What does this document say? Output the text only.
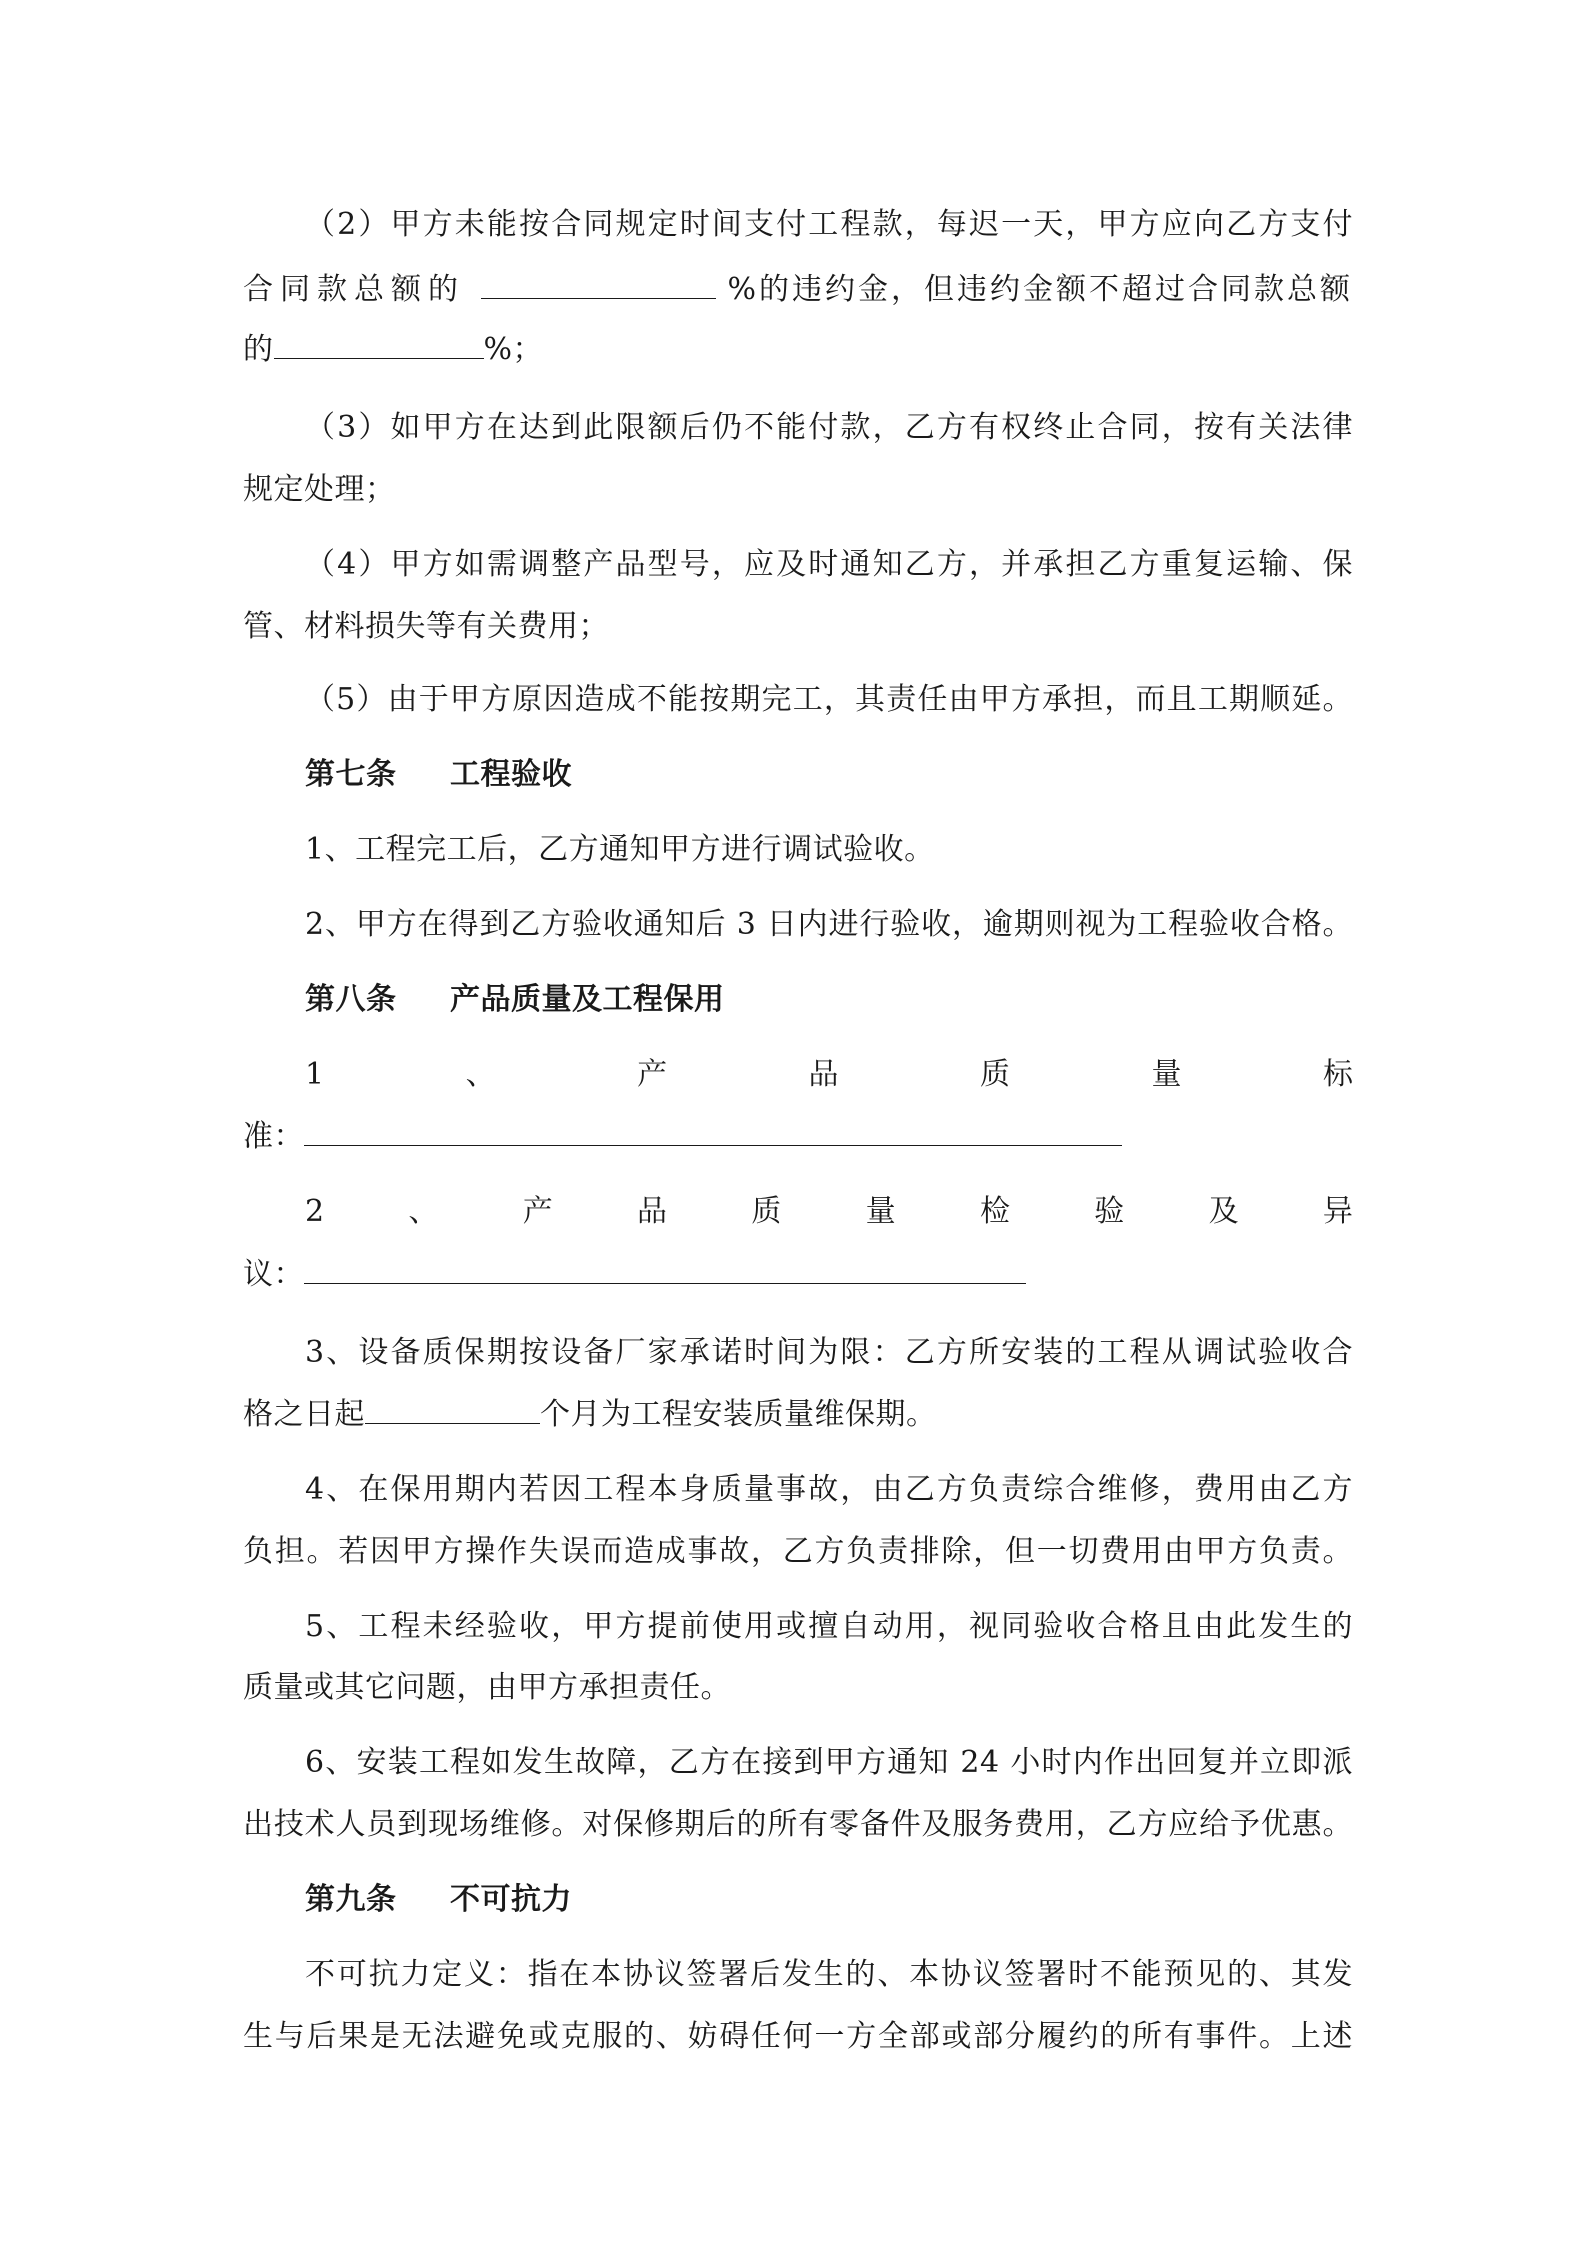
（2）甲方未能按合同规定时间支付工程款，每迟一天，甲方应向乙方支付
合同款总额的	%的违约金，但违约金额不超过合同款总额
的	%；
（3）如甲方在达到此限额后仍不能付款，乙方有权终止合同，按有关法律
规定处理；
（4）甲方如需调整产品型号，应及时通知乙方，并承担乙方重复运输、保
管、材料损失等有关费用；
（5）由于甲方原因造成不能按期完工，其责任由甲方承担，而且工期顺延。
第七条 工程验收
1、工程完工后，乙方通知甲方进行调试验收。
2、甲方在得到乙方验收通知后 3 日内进行验收，逾期则视为工程验收合格。
第八条 产品质量及工程保用
1	、	产	品	质	量	标
准：
2	、	产	品	质	量	检	验	及	异
议：
3、设备质保期按设备厂家承诺时间为限：乙方所安装的工程从调试验收合
格之日起	个月为工程安装质量维保期。
4、在保用期内若因工程本身质量事故，由乙方负责综合维修，费用由乙方
负担。若因甲方操作失误而造成事故，乙方负责排除，但一切费用由甲方负责。
5、工程未经验收，甲方提前使用或擅自动用，视同验收合格且由此发生的
质量或其它问题，由甲方承担责任。
6、安装工程如发生故障，乙方在接到甲方通知 24 小时内作出回复并立即派
出技术人员到现场维修。对保修期后的所有零备件及服务费用，乙方应给予优惠。
第九条 不可抗力
不可抗力定义：指在本协议签署后发生的、本协议签署时不能预见的、其发
生与后果是无法避免或克服的、妨碍任何一方全部或部分履约的所有事件。上述
